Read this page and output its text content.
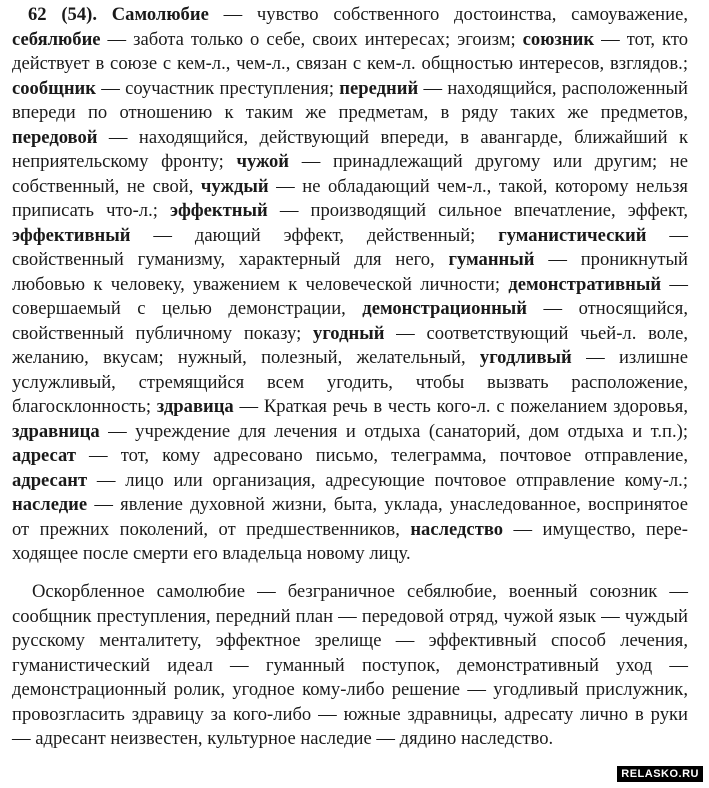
62 (54). Самолюбие — чувство собственного достоинства, самоуважение, себялюбие — забота только о себе, своих интересах; эгоизм; союзник — тот, кто действует в союзе с кем-л., чем-л., связан с кем-л. общностью интересов, взглядов.; сообщник — соучастник преступления; передний — находящийся, расположенный впереди по отношению к таким же предметам, в ряду таких же предметов, передовой — находящийся, действующий впереди, в авангарде, ближайший к неприятельскому фронту; чужой — принадлежащий другому или другим; не собственный, не свой, чуждый — не обладающий чем-л., такой, которому нельзя приписать что-л.; эффектный — производящий сильное впечатление, эффект, эффективный — дающий эффект, действенный; гуманистический — свойственный гуманизму, характерный для него, гуманный — проникнутый любовью к человеку, уважением к человеческой личности; демонстративный — совершаемый с целью демонстрации, демонстрационный — относящийся, свойственный публичному показу; угодный — соответствующий чьей-л. воле, желанию, вкусам; нужный, полезный, желательный, угодливый — излишне услужливый, стремящийся всем угодить, чтобы вызвать расположение, благосклонность; здравица — Краткая речь в честь кого-л. с пожеланием здоровья, здравница — учреждение для лечения и отдыха (санаторий, дом отдыха и т.п.); адресат — тот, кому адресовано письмо, телеграмма, почтовое отправление, адресант — лицо или организация, адресующие почтовое отправление кому-л.; наследие — явление духовной жизни, быта, уклада, унаследованное, воспринятое от прежних поколений, от предшественников, наследство — имущество, переходящее после смерти его владельца новому лицу.

Оскорбленное самолюбие — безграничное себялюбие, военный союзник — сообщник преступления, передний план — передовой отряд, чужой язык — чуждый русскому менталитету, эффектное зрелище — эффективный способ лечения, гуманистический идеал — гуманный поступок, демонстративный уход — демонстрационный ролик, угодное кому-либо решение — угодливый прислужник, провозгласить здравицу за кого-либо — южные здравницы, адресату лично в руки — адресант неизвестен, культурное наследие — дядино наследство.

RELASKO.RU
